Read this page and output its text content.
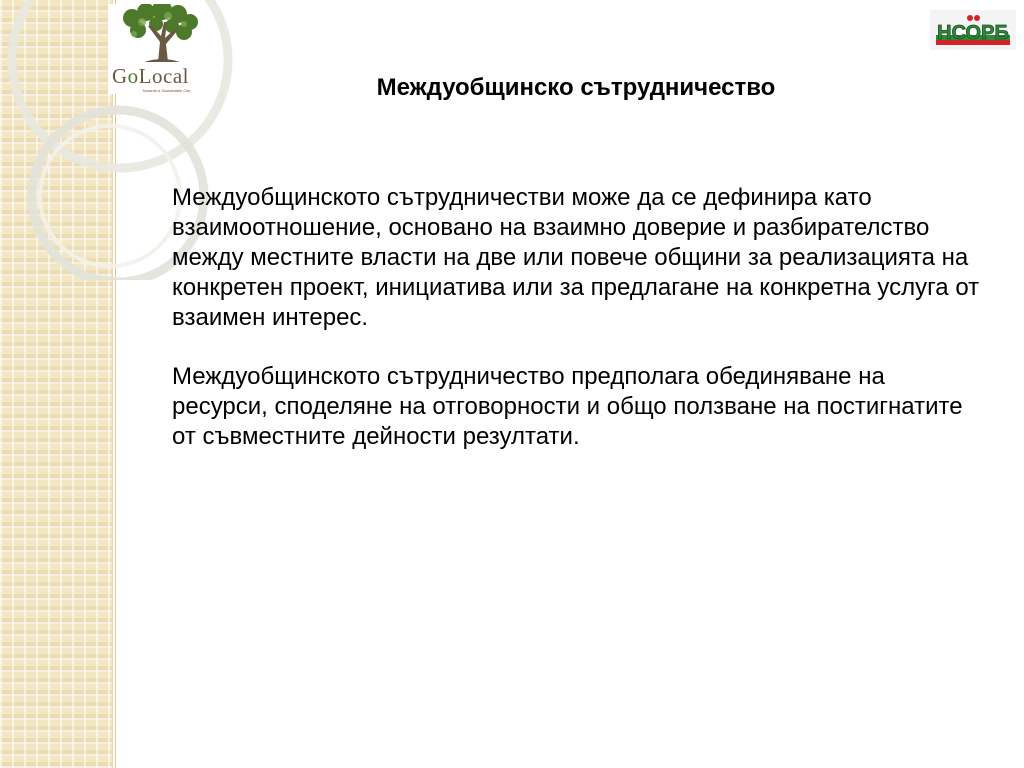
GoLocal
Towards a Sustainable City
НСОРБ
Междуобщинско сътрудничество

Междуобщинското сътрудничестви може да се дефинира като взаимоотношение, основано на взаимно доверие и разбирателство между местните власти на две или повече общини за реализацията на конкретен проект, инициатива или за предлагане на конкретна услуга от взаимен интерес.

Междуобщинското сътрудничество предполага обединяване на ресурси, споделяне на отговорности и общо ползване на постигнатите от съвместните дейности резултати.
